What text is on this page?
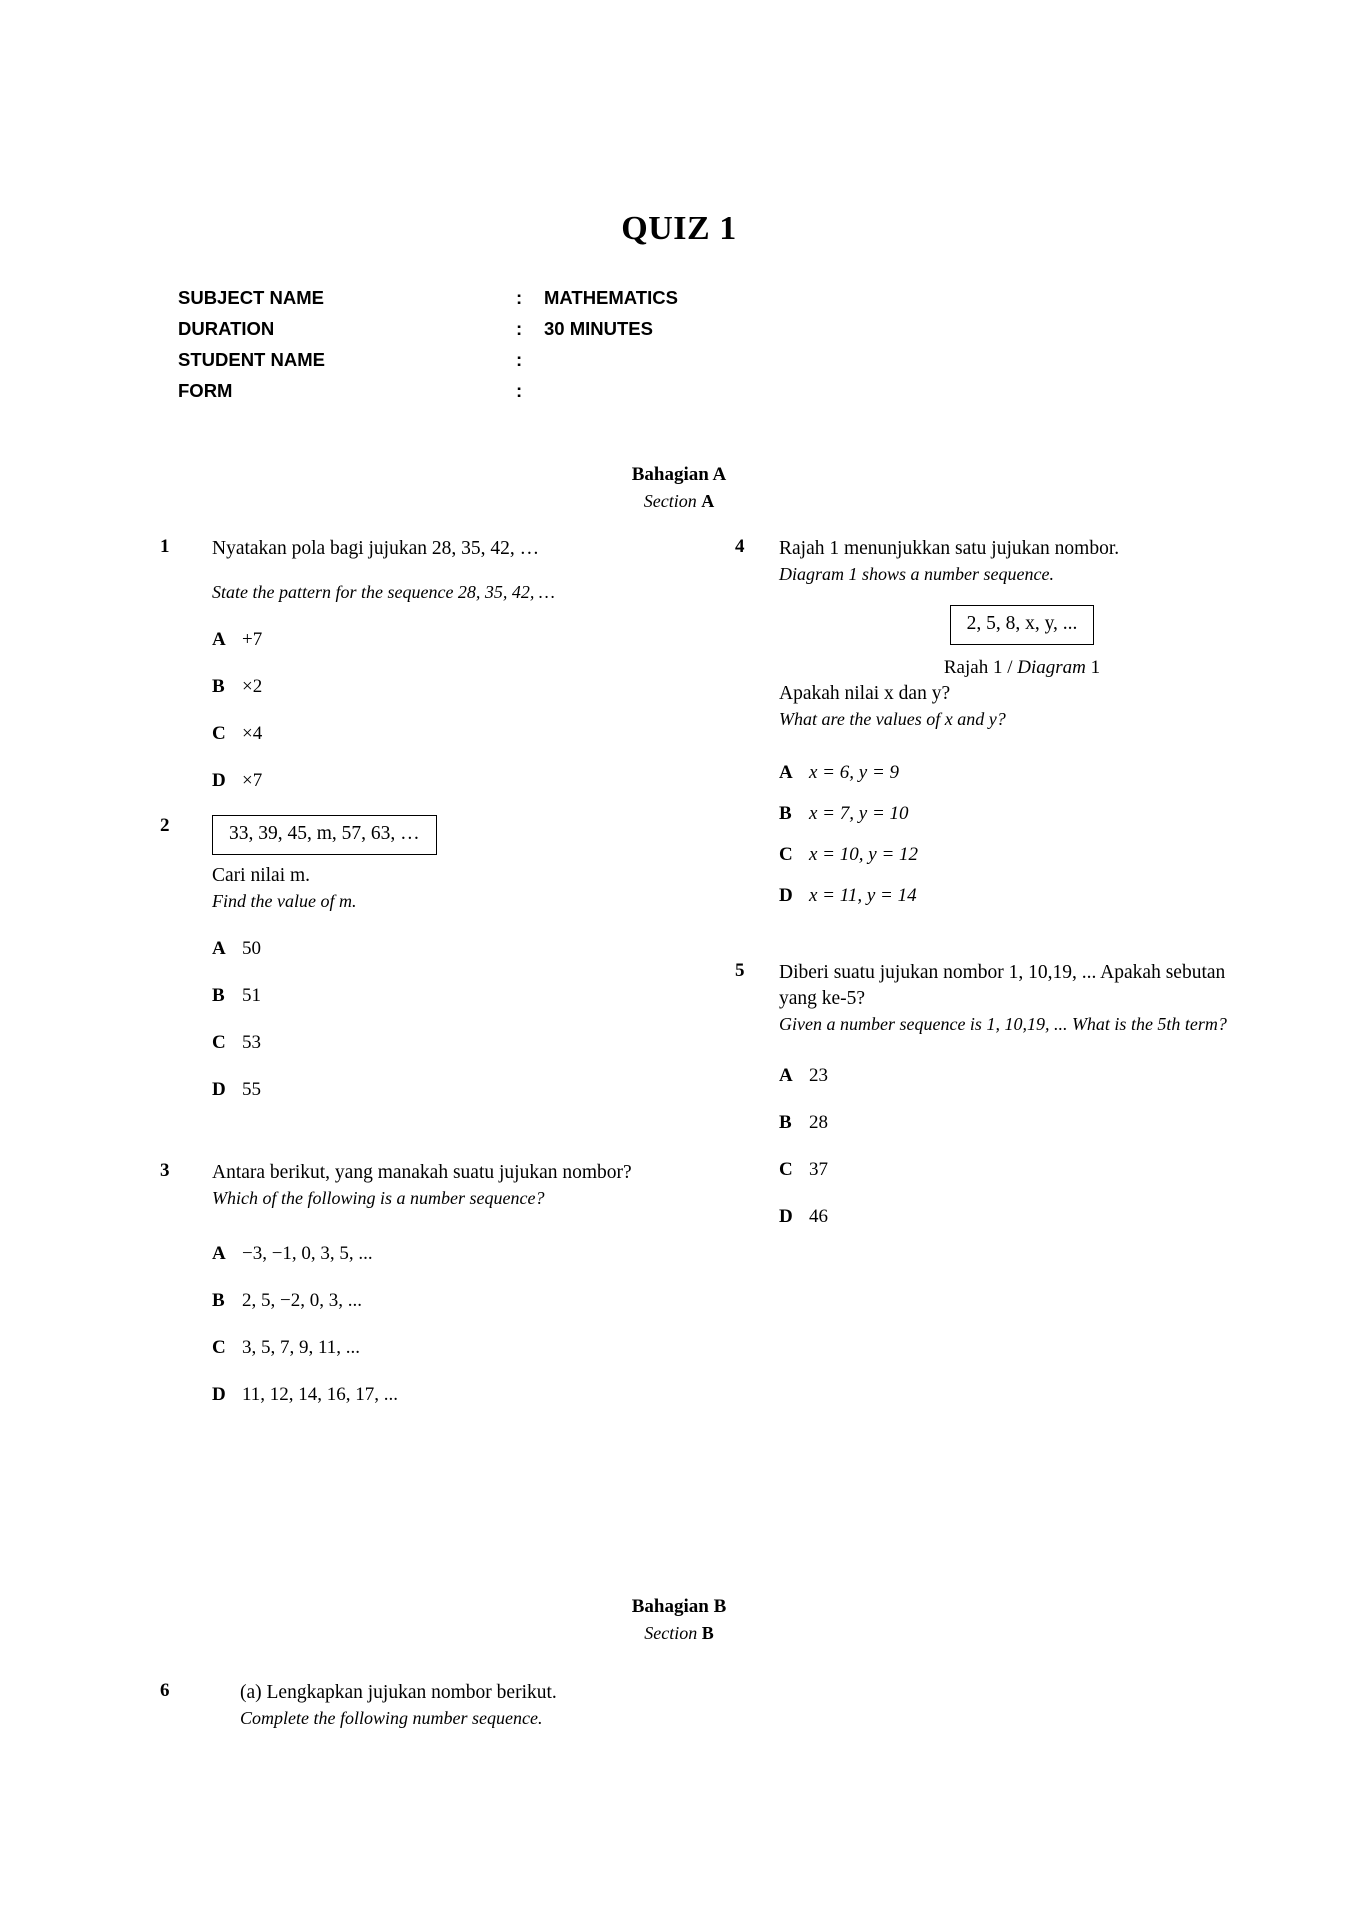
QUIZ 1
SUBJECT NAME	:	MATHEMATICS
DURATION	:	30 MINUTES
STUDENT NAME	:
FORM	:
Bahagian A
Section A
1	Nyatakan pola bagi jujukan 28, 35, 42, …
State the pattern for the sequence 28, 35, 42, …
A +7
B ×2
C ×4
D ×7
2	33, 39, 45, m, 57, 63, …
Cari nilai m.
Find the value of m.
A 50
B 51
C 53
D 55
3	Antara berikut, yang manakah suatu jujukan nombor?
Which of the following is a number sequence?
A −3, −1, 0, 3, 5, ...
B 2, 5, −2, 0, 3, ...
C 3, 5, 7, 9, 11, ...
D 11, 12, 14, 16, 17, ...
4	Rajah 1 menunjukkan satu jujukan nombor.
Diagram 1 shows a number sequence.
2, 5, 8, x, y, ...
Rajah 1 / Diagram 1
Apakah nilai x dan y?
What are the values of x and y?
A x = 6, y = 9
B x = 7, y = 10
C x = 10, y = 12
D x = 11, y = 14
5	Diberi suatu jujukan nombor 1, 10,19, ... Apakah sebutan yang ke-5?
Given a number sequence is 1, 10,19, ... What is the 5th term?
A 23
B 28
C 37
D 46
Bahagian B
Section B
6	(a) Lengkapkan jujukan nombor berikut.
Complete the following number sequence.
